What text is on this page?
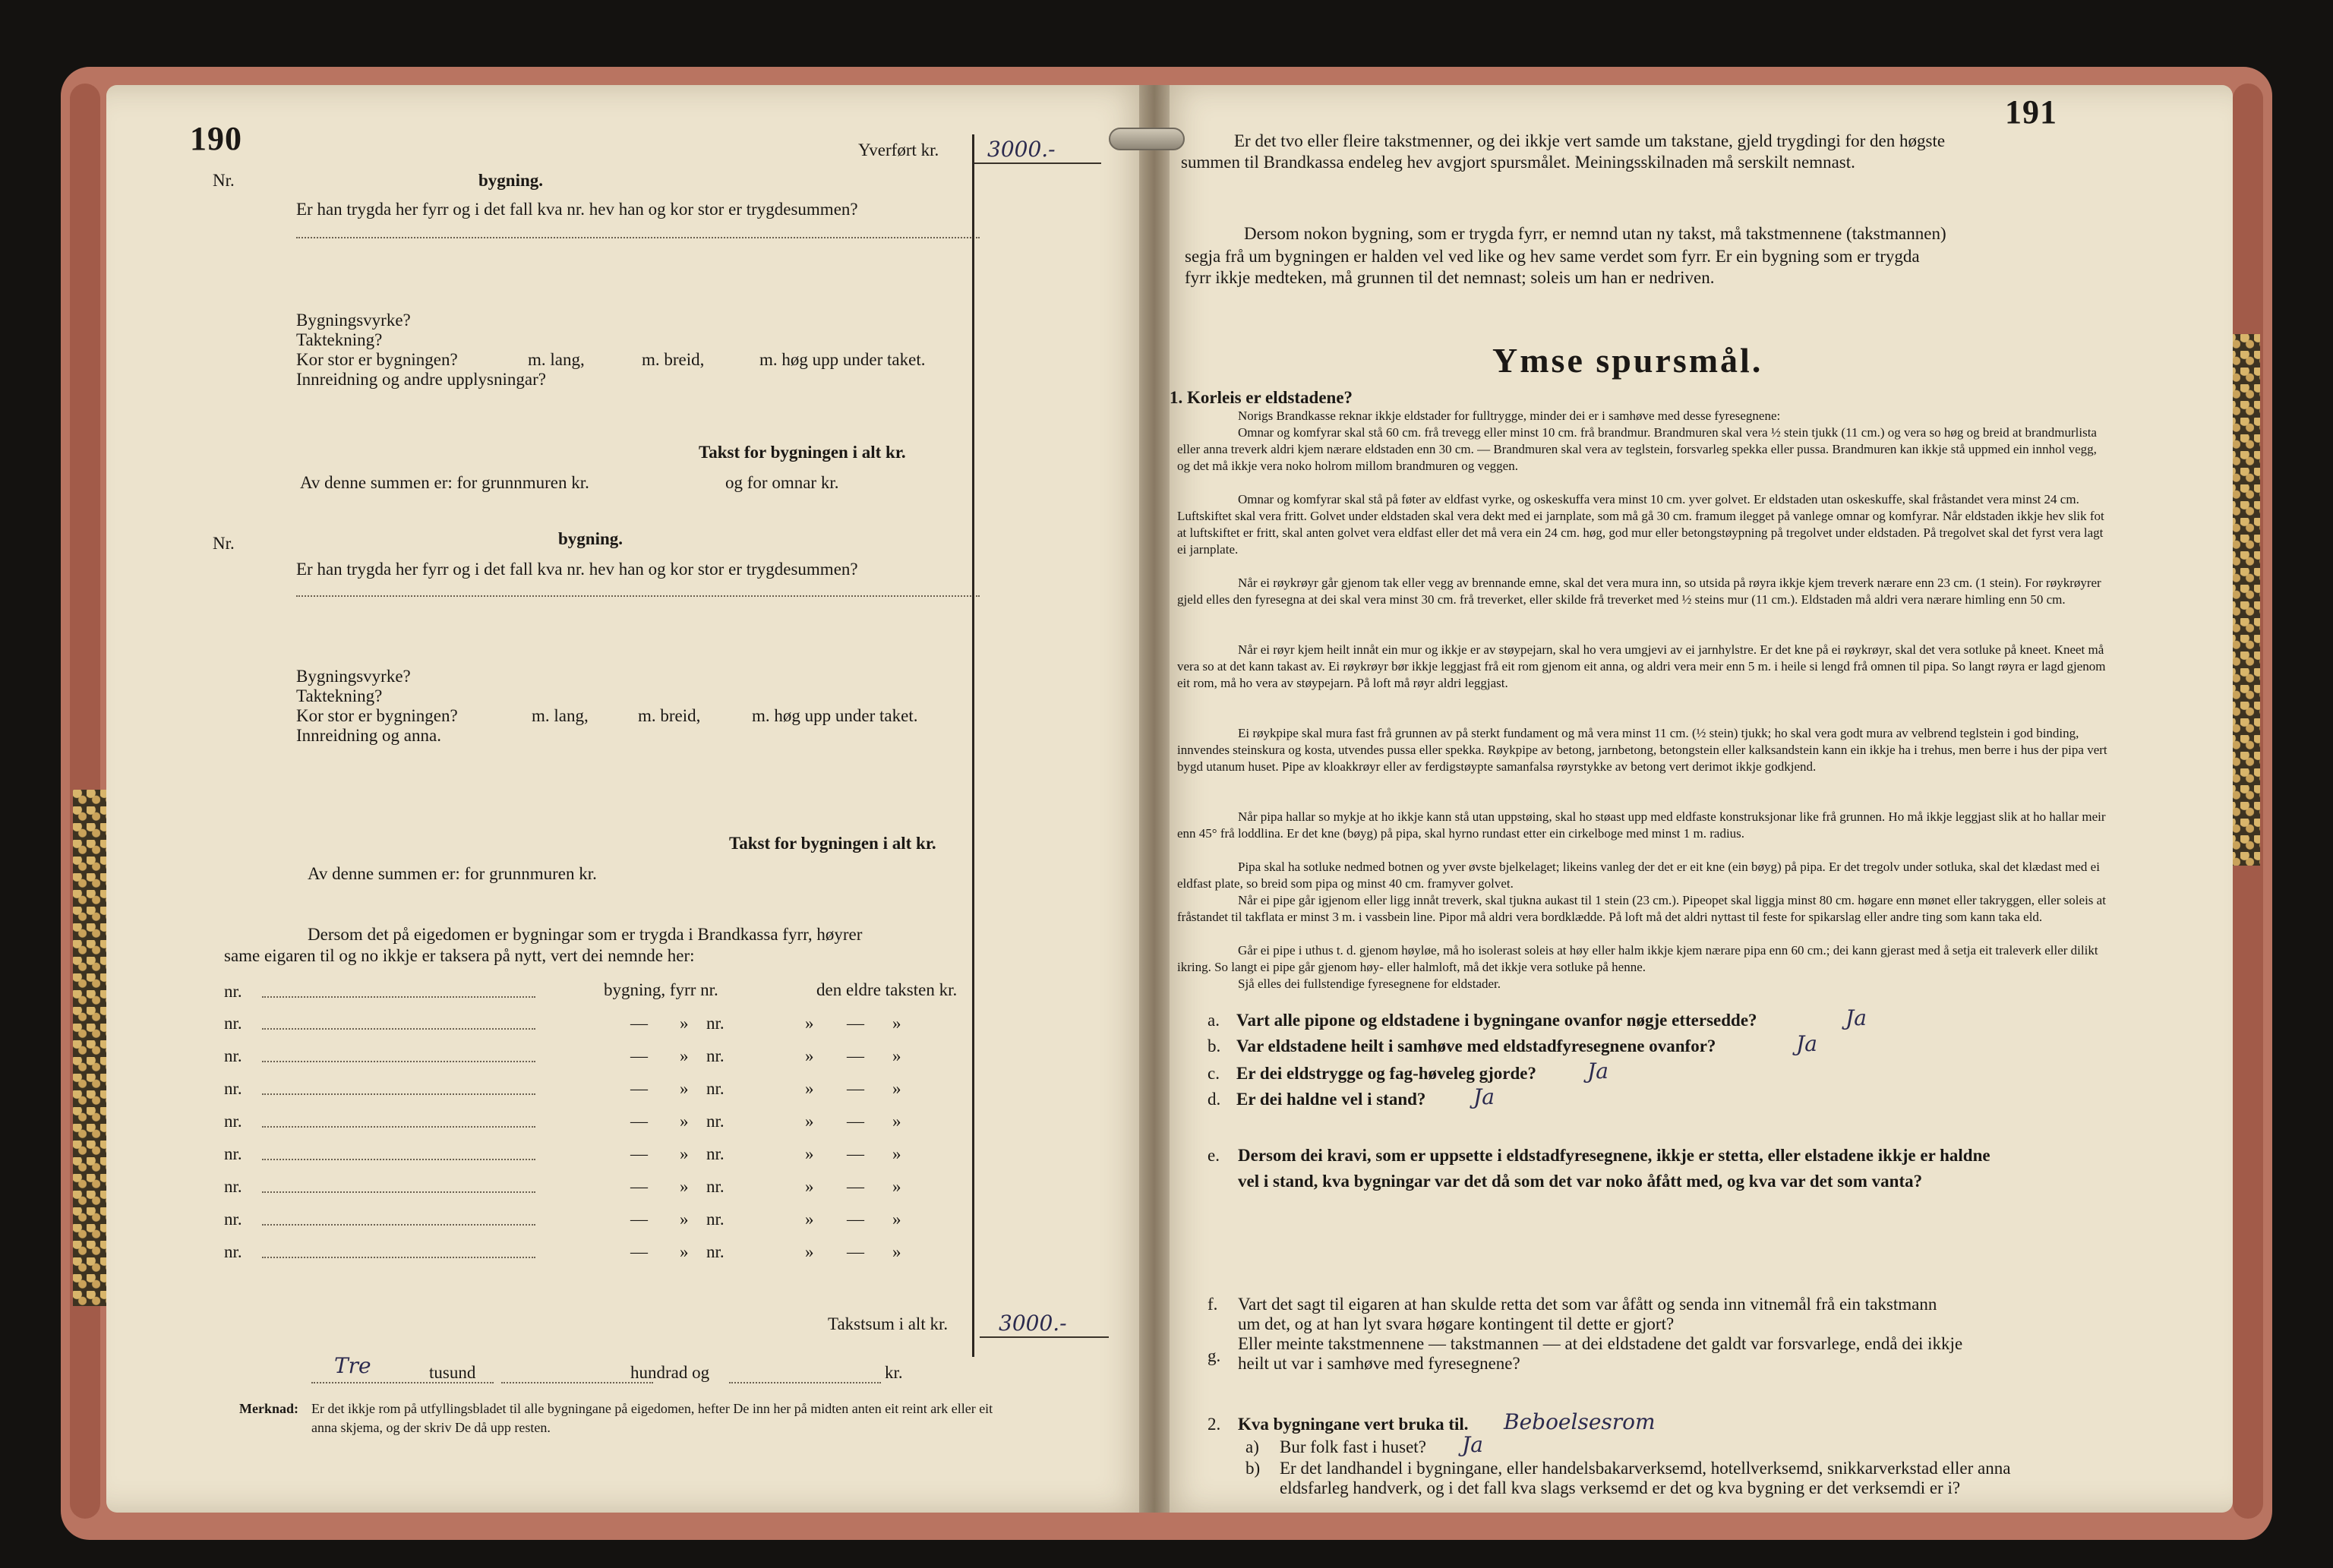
190	Yverført kr. 3000.-
Nr.	bygning.
Er han trygda her fyrr og i det fall kva nr. hev han og kor stor er trygdesummen?
Bygningsvyrke?
Taktekning?
Kor stor er bygningen?	m. lang,	m. breid,	m. høg upp under taket.
Innreidning og andre upplysningar?
Takst for bygningen i alt kr.
Av denne summen er: for grunnmuren kr.	og for omnar kr.
Nr.	bygning.
Er han trygda her fyrr og i det fall kva nr. hev han og kor stor er trygdesummen?
Bygningsvyrke?
Taktekning?
Kor stor er bygningen?	m. lang,	m. breid,	m. høg upp under taket.
Innreidning og anna.
Takst for bygningen i alt kr.
Av denne summen er: for grunnmuren kr.
Dersom det på eigedomen er bygningar som er trygda i Brandkassa fyrr, høyrer
same eigaren til og no ikkje er taksera på nytt, vert dei nemnde her:
nr.	bygning, fyrr nr.	den eldre taksten kr.
nr.	— » nr.	» — »
nr.	— » nr.	» — »
nr.	— » nr.	» — »
nr.	— » nr.	» — »
nr.	— » nr.	» — »
nr.	— » nr.	» — »
nr.	— » nr.	» — »
nr.	— » nr.	» — »
Takstsum i alt kr. 3000.-
Tre	tusund	hundrad og	kr.
Merknad: Er det ikkje rom på utfyllingsbladet til alle bygningane på eigedomen, hefter De inn her på midten anten eit reint ark eller eit
anna skjema, og der skriv De då upp resten.
191
Er det tvo eller fleire takstmenner, og dei ikkje vert samde um takstane, gjeld trygdingi for den høgste
summen til Brandkassa endeleg hev avgjort spursmålet. Meiningsskilnaden må serskilt nemnast.
Dersom nokon bygning, som er trygda fyrr, er nemnd utan ny takst, må takstmennene (takstmannen)
segja frå um bygningen er halden vel ved like og hev same verdet som fyrr. Er ein bygning som er trygda
fyrr ikkje medteken, må grunnen til det nemnast; soleis um han er nedriven.
Ymse spursmål.
1. Korleis er eldstadene?
Norigs Brandkasse reknar ikkje eldstader for fulltrygge, minder dei er i samhøve med desse fyresegnene:
Omnar og komfyrar skal stå 60 cm. frå trevegg eller minst 10 cm. frå brandmur. Brandmuren skal vera ½ stein tjukk (11 cm.) og vera so høg og breid at brandmurlista eller anna treverk aldri kjem nærare eldstaden enn 30 cm. — Brandmuren skal vera av teglstein, forsvarleg spekka eller pussa. Brandmuren kan ikkje stå uppmed ein innhol vegg, og det må ikkje vera noko holrom millom brandmuren og veggen.
Omnar og komfyrar skal stå på føter av eldfast vyrke, og oskeskuffa vera minst 10 cm. yver golvet. Er eldstaden utan oskeskuffe, skal fråstandet vera minst 24 cm. Luftskiftet skal vera fritt. Golvet under eldstaden skal vera dekt med ei jarnplate, som må gå 30 cm. framum ilegget på vanlege omnar og komfyrar. Når eldstaden ikkje hev slik fot at luftskiftet er fritt, skal anten golvet vera eldfast eller det må vera ein 24 cm. høg, god mur eller betongstøypning på tregolvet under eldstaden. På tregolvet skal det fyrst vera lagt ei jarnplate.
Når ei røykrøyr går gjenom tak eller vegg av brennande emne, skal det vera mura inn, so utsida på røyra ikkje kjem treverk nærare enn 23 cm. (1 stein). For røykrøyrer gjeld elles den fyresegna at dei skal vera minst 30 cm. frå treverket, eller skilde frå treverket med ½ steins mur (11 cm.). Eldstaden må aldri vera nærare himling enn 50 cm.
Når ei røyr kjem heilt innåt ein mur og ikkje er av støypejarn, skal ho vera umgjevi av ei jarnhylstre. Er det kne på ei røykrøyr, skal det vera sotluke på kneet. Kneet må vera so at det kann takast av. Ei røykrøyr bør ikkje leggjast frå eit rom gjenom eit anna, og aldri vera meir enn 5 m. i heile si lengd frå omnen til pipa. So langt røyra er lagd gjenom eit rom, må ho vera av støypejarn. På loft må røyr aldri leggjast.
Ei røykpipe skal mura fast frå grunnen av på sterkt fundament og må vera minst 11 cm. (½ stein) tjukk; ho skal vera godt mura av velbrend teglstein i god binding, innvendes steinskura og kosta, utvendes pussa eller spekka. Røykpipe av betong, jarnbetong, betongstein eller kalksandstein kann ein ikkje ha i trehus, men berre i hus der pipa vert bygd utanum huset. Pipe av kloakkrøyr eller av ferdigstøypte samanfalsa røyrstykke av betong vert derimot ikkje godkjend.
Når pipa hallar so mykje at ho ikkje kann stå utan uppstøing, skal ho støast upp med eldfaste konstruksjonar like frå grunnen. Ho må ikkje leggjast slik at ho hallar meir enn 45° frå loddlina. Er det kne (bøyg) på pipa, skal hyrno rundast etter ein cirkelboge med minst 1 m. radius.
Pipa skal ha sotluke nedmed botnen og yver øvste bjelkelaget; likeins vanleg der det er eit kne (ein bøyg) på pipa. Er det tregolv under sotluka, skal det klædast med ei eldfast plate, so breid som pipa og minst 40 cm. framyver golvet.
Når ei pipe går igjenom eller ligg innåt treverk, skal tjukna aukast til 1 stein (23 cm.). Pipeopet skal liggja minst 80 cm. høgare enn mønet eller takryggen, eller soleis at fråstandet til takflata er minst 3 m. i vassbein line. Pipor må aldri vera bordklædde. På loft må det aldri nyttast til feste for spikarslag eller andre ting som kann taka eld.
Går ei pipe i uthus t. d. gjenom høyløe, må ho isolerast soleis at høy eller halm ikkje kjem nærare pipa enn 60 cm.; dei kann gjerast med å setja eit traleverk eller dilikt ikring. So langt ei pipe går gjenom høy- eller halmloft, må det ikkje vera sotluke på henne.
Sjå elles dei fullstendige fyresegnene for eldstader.
a. Vart alle pipone og eldstadene i bygningane ovanfor nøgje ettersedde?	Ja
b. Var eldstadene heilt i samhøve med eldstadfyresegnene ovanfor?	Ja
c. Er dei eldstrygge og fag-høveleg gjorde? Ja
d. Er dei haldne vel i stand? Ja
e. Dersom dei kravi, som er uppsette i eldstadfyresegnene, ikkje er stetta, eller elstadene ikkje er haldne
vel i stand, kva bygningar var det då som det var noko åfått med, og kva var det som vanta?
f. Vart det sagt til eigaren at han skulde retta det som var åfått og senda inn vitnemål frå ein takstmann
um det, og at han lyt svara høgare kontingent til dette er gjort?
g.
Eller meinte takstmennene — takstmannen — at dei eldstadene det galdt var forsvarlege, endå dei ikkje
heilt ut var i samhøve med fyresegnene?
2. Kva bygningane vert bruka til. Beboelsesrom
a) Bur folk fast i huset? Ja
b) Er det landhandel i bygningane, eller handelsbakarverksemd, hotellverksemd, snikkarverkstad eller anna
eldsfarleg handverk, og i det fall kva slags verksemd er det og kva bygning er det verksemdi er i?
